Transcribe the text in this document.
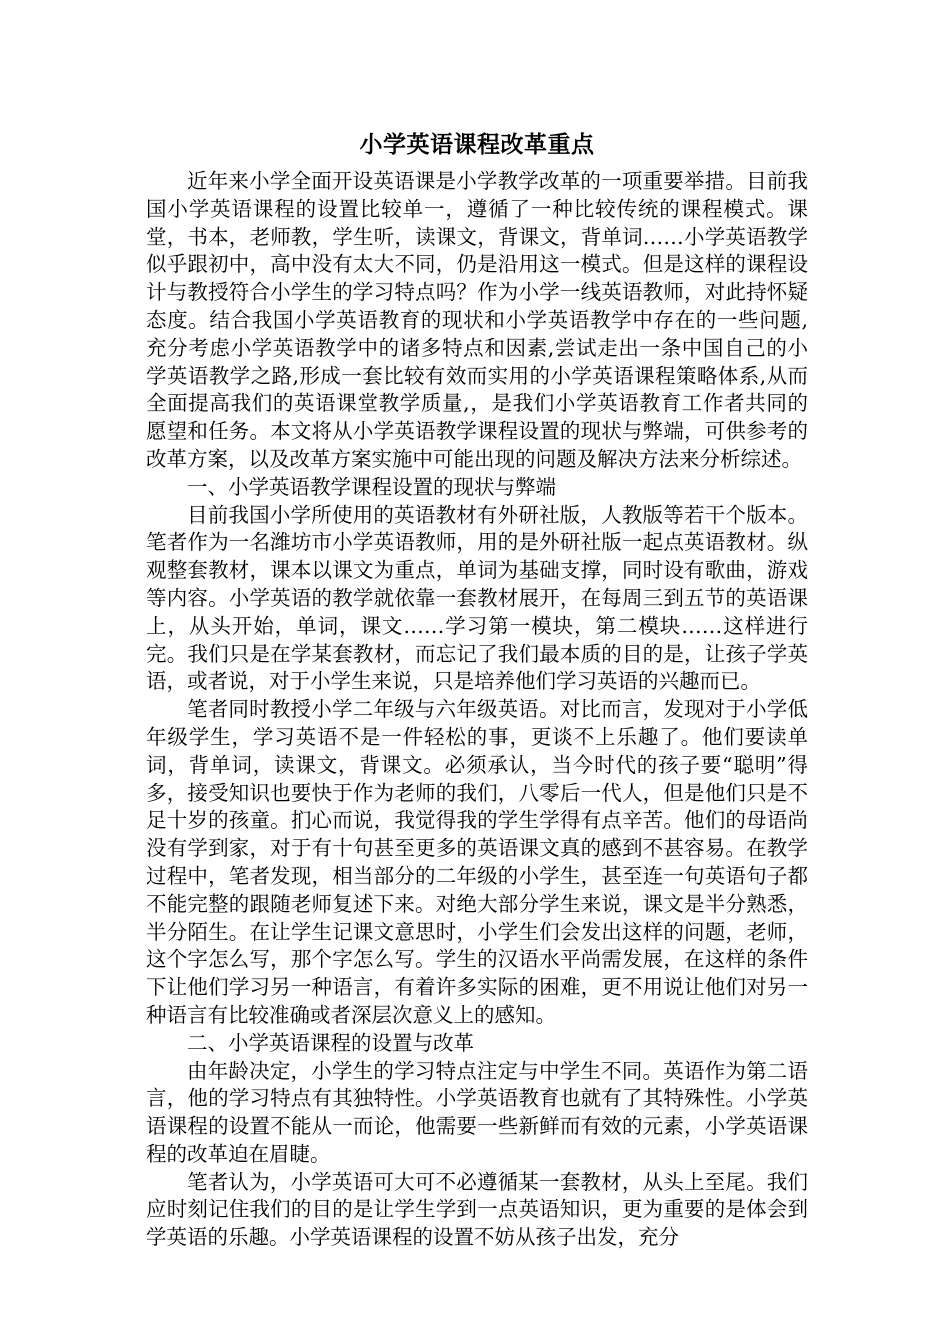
小学英语课程改革重点

近年来小学全面开设英语课是小学教学改革的一项重要举措。目前我国小学英语课程的设置比较单一，遵循了一种比较传统的课程模式。课堂，书本，老师教，学生听，读课文，背课文，背单词……小学英语教学似乎跟初中，高中没有太大不同，仍是沿用这一模式。但是这样的课程设计与教授符合小学生的学习特点吗？作为小学一线英语教师，对此持怀疑态度。结合我国小学英语教育的现状和小学英语教学中存在的一些问题,充分考虑小学英语教学中的诸多特点和因素,尝试走出一条中国自己的小学英语教学之路,形成一套比较有效而实用的小学英语课程策略体系,从而全面提高我们的英语课堂教学质量,，是我们小学英语教育工作者共同的愿望和任务。本文将从小学英语教学课程设置的现状与弊端，可供参考的改革方案，以及改革方案实施中可能出现的问题及解决方法来分析综述。

一、小学英语教学课程设置的现状与弊端

目前我国小学所使用的英语教材有外研社版，人教版等若干个版本。笔者作为一名潍坊市小学英语教师，用的是外研社版一起点英语教材。纵观整套教材，课本以课文为重点，单词为基础支撑，同时设有歌曲，游戏等内容。小学英语的教学就依靠一套教材展开，在每周三到五节的英语课上，从头开始，单词，课文……学习第一模块，第二模块……这样进行完。我们只是在学某套教材，而忘记了我们最本质的目的是，让孩子学英语，或者说，对于小学生来说，只是培养他们学习英语的兴趣而已。

笔者同时教授小学二年级与六年级英语。对比而言，发现对于小学低年级学生，学习英语不是一件轻松的事，更谈不上乐趣了。他们要读单词，背单词，读课文，背课文。必须承认，当今时代的孩子要“聪明”得多，接受知识也要快于作为老师的我们，八零后一代人，但是他们只是不足十岁的孩童。扪心而说，我觉得我的学生学得有点辛苦。他们的母语尚没有学到家，对于有十句甚至更多的英语课文真的感到不甚容易。在教学过程中，笔者发现，相当部分的二年级的小学生，甚至连一句英语句子都不能完整的跟随老师复述下来。对绝大部分学生来说，课文是半分熟悉，半分陌生。在让学生记课文意思时，小学生们会发出这样的问题，老师，这个字怎么写，那个字怎么写。学生的汉语水平尚需发展，在这样的条件下让他们学习另一种语言，有着许多实际的困难，更不用说让他们对另一种语言有比较准确或者深层次意义上的感知。

二、小学英语课程的设置与改革

由年龄决定，小学生的学习特点注定与中学生不同。英语作为第二语言，他的学习特点有其独特性。小学英语教育也就有了其特殊性。小学英语课程的设置不能从一而论，他需要一些新鲜而有效的元素，小学英语课程的改革迫在眉睫。

笔者认为，小学英语可大可不必遵循某一套教材，从头上至尾。我们应时刻记住我们的目的是让学生学到一点英语知识，更为重要的是体会到学英语的乐趣。小学英语课程的设置不妨从孩子出发，充分
